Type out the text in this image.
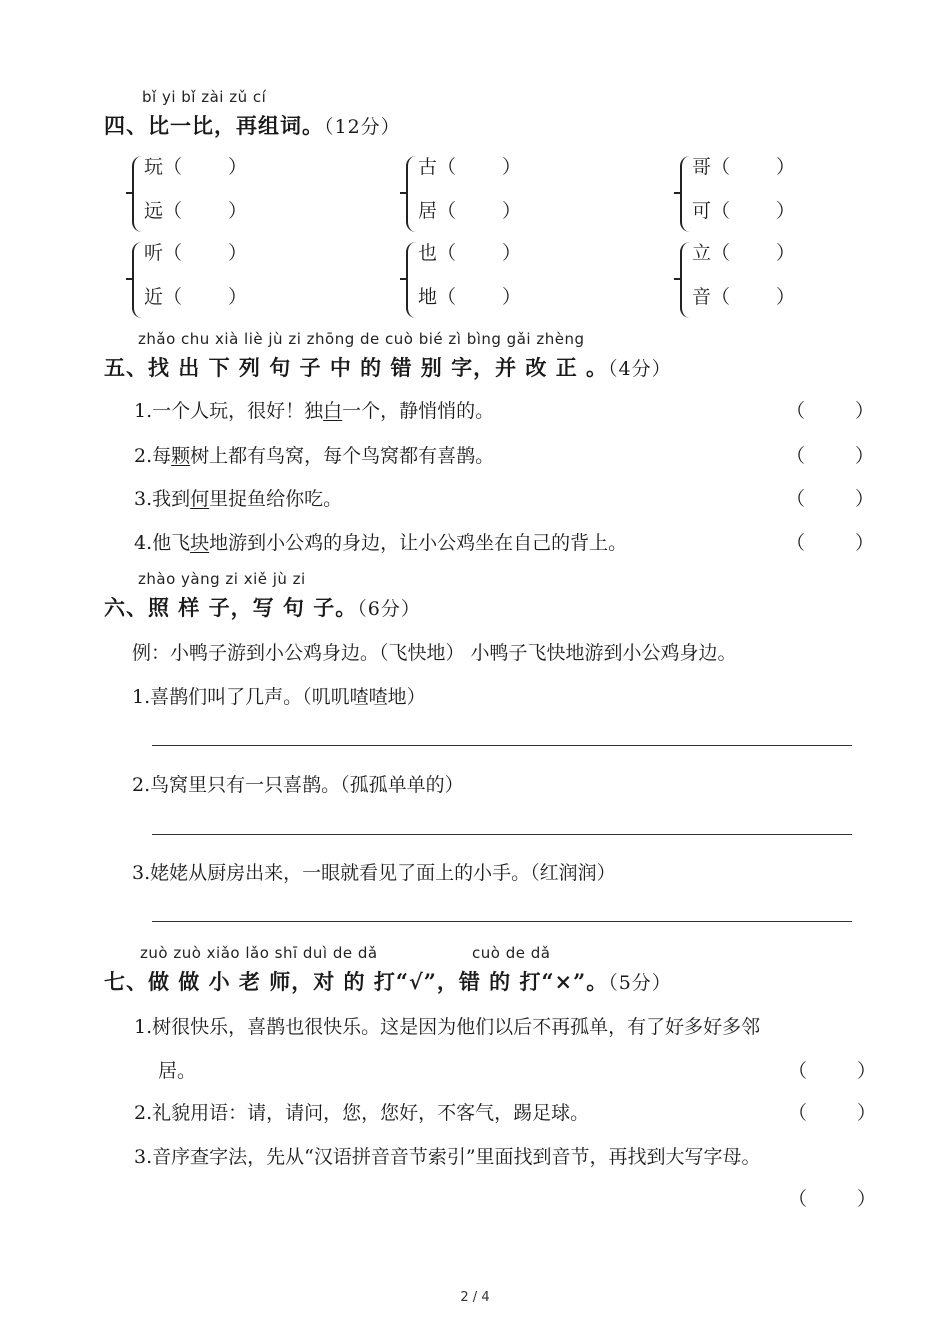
bǐ yi bǐ zài zǔ cí
四、比一比，再组词。（12分）
玩（ ）
远（ ）
古（ ）
居（ ）
哥（ ）
可（ ）
听（ ）
近（ ）
也（ ）
地（ ）
立（ ）
音（ ）
zhǎo chu xià liè jù zi zhōng de cuò bié zì bìng gǎi zhèng
五、找 出 下 列 句 子 中 的 错 别 字，并 改 正 。（4分）
1.一个人玩，很好！独白一个，静悄悄的。	（ ）
2.每颗树上都有鸟窝，每个鸟窝都有喜鹊。	（ ）
3.我到何里捉鱼给你吃。	（ ）
4.他飞块地游到小公鸡的身边，让小公鸡坐在自己的背上。	（ ）
zhào yàng zi xiě jù zi
六、照 样 子，写 句 子。（6分）
例：小鸭子游到小公鸡身边。（飞快地） 小鸭子飞快地游到小公鸡身边。
1.喜鹊们叫了几声。（叽叽喳喳地）
2.鸟窝里只有一只喜鹊。（孤孤单单的）
3.姥姥从厨房出来，一眼就看见了面上的小手。（红润润）
zuò zuò xiǎo lǎo shī duì de dǎ	cuò de dǎ
七、做 做 小 老 师，对 的 打“√”，错 的 打“×”。（5分）
1.树很快乐，喜鹊也很快乐。这是因为他们以后不再孤单，有了好多好多邻
居。	（ ）
2.礼貌用语：请，请问，您，您好，不客气，踢足球。	（ ）
3.音序查字法，先从“汉语拼音音节索引”里面找到音节，再找到大写字母。
（ ）
2 / 4
